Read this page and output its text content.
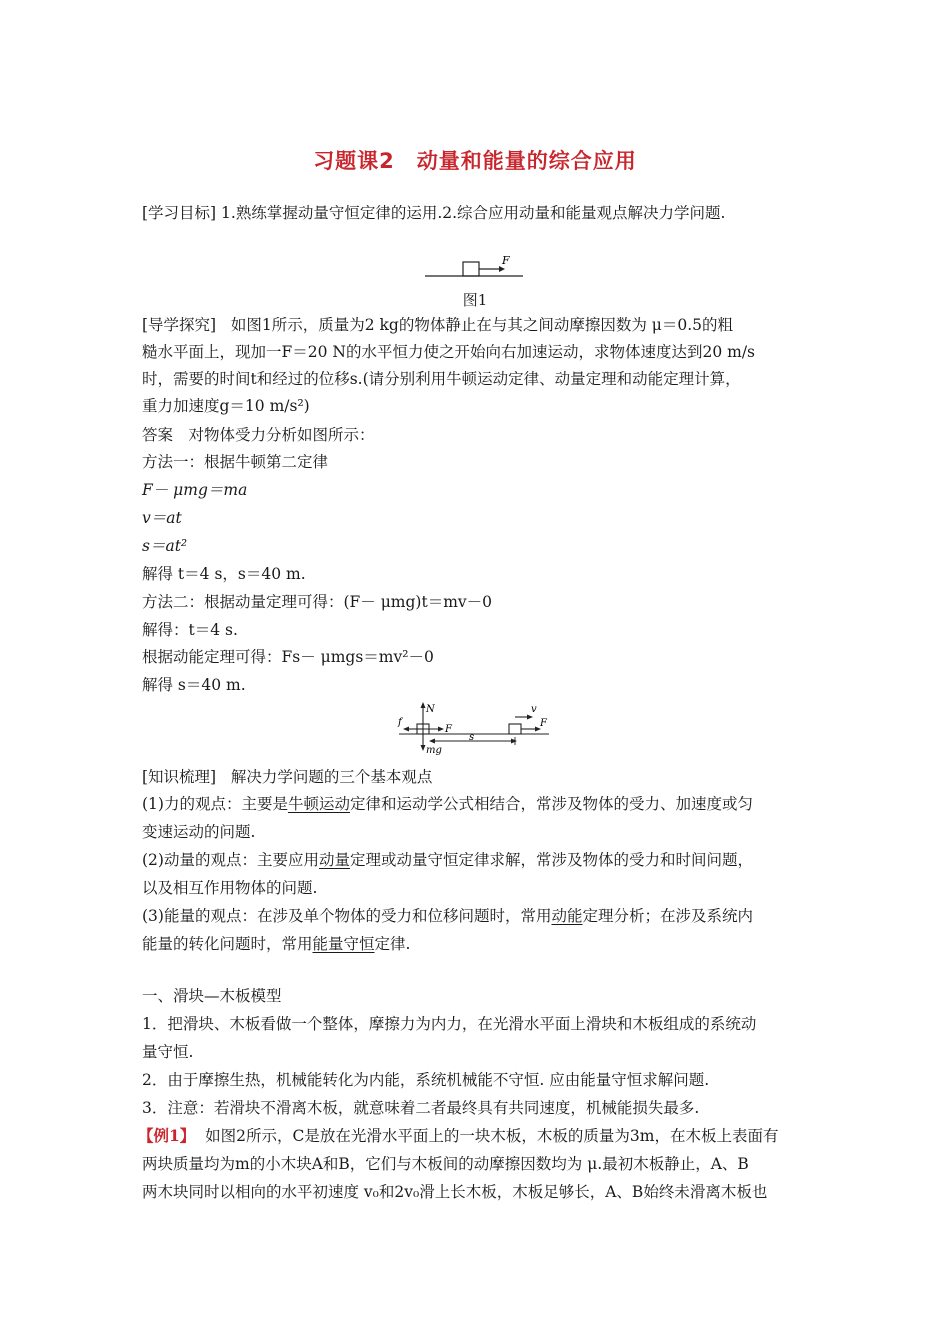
习题课2　动量和能量的综合应用
[学习目标] 1.熟练掌握动量守恒定律的运用.2.综合应用动量和能量观点解决力学问题.
F
图1
[导学探究] 如图1所示，质量为2 kg的物体静止在与其之间动摩擦因数为 μ＝0.5的粗
糙水平面上，现加一F＝20 N的水平恒力使之开始向右加速运动，求物体速度达到20 m/s
时，需要的时间t和经过的位移s.(请分别利用牛顿运动定律、动量定理和动能定理计算，
重力加速度g＝10 m/s²)
答案　对物体受力分析如图所示：
方法一：根据牛顿第二定律
F－ μmg＝ma
v＝at
s＝at²
解得 t＝4 s，s＝40 m.
方法二：根据动量定理可得：(F－ μmg)t＝mv－0
解得：t＝4 s.
根据动能定理可得：Fs－ μmgs＝mv²－0
解得 s＝40 m.
N
mg
f
F
s
F
v
[知识梳理] 解决力学问题的三个基本观点
(1)力的观点：主要是牛顿运动定律和运动学公式相结合，常涉及物体的受力、加速度或匀
变速运动的问题.
(2)动量的观点：主要应用动量定理或动量守恒定律求解，常涉及物体的受力和时间问题，
以及相互作用物体的问题.
(3)能量的观点：在涉及单个物体的受力和位移问题时，常用动能定理分析；在涉及系统内
能量的转化问题时，常用能量守恒定律.
一、滑块—木板模型
1．把滑块、木板看做一个整体，摩擦力为内力，在光滑水平面上滑块和木板组成的系统动
量守恒.
2．由于摩擦生热，机械能转化为内能，系统机械能不守恒. 应由能量守恒求解问题.
3．注意：若滑块不滑离木板，就意味着二者最终具有共同速度，机械能损失最多.
【例1】 如图2所示，C是放在光滑水平面上的一块木板，木板的质量为3m，在木板上表面有
两块质量均为m的小木块A和B，它们与木板间的动摩擦因数均为 μ.最初木板静止，A、B
两木块同时以相向的水平初速度 v₀和2v₀滑上长木板，木板足够长，A、B始终未滑离木板也
